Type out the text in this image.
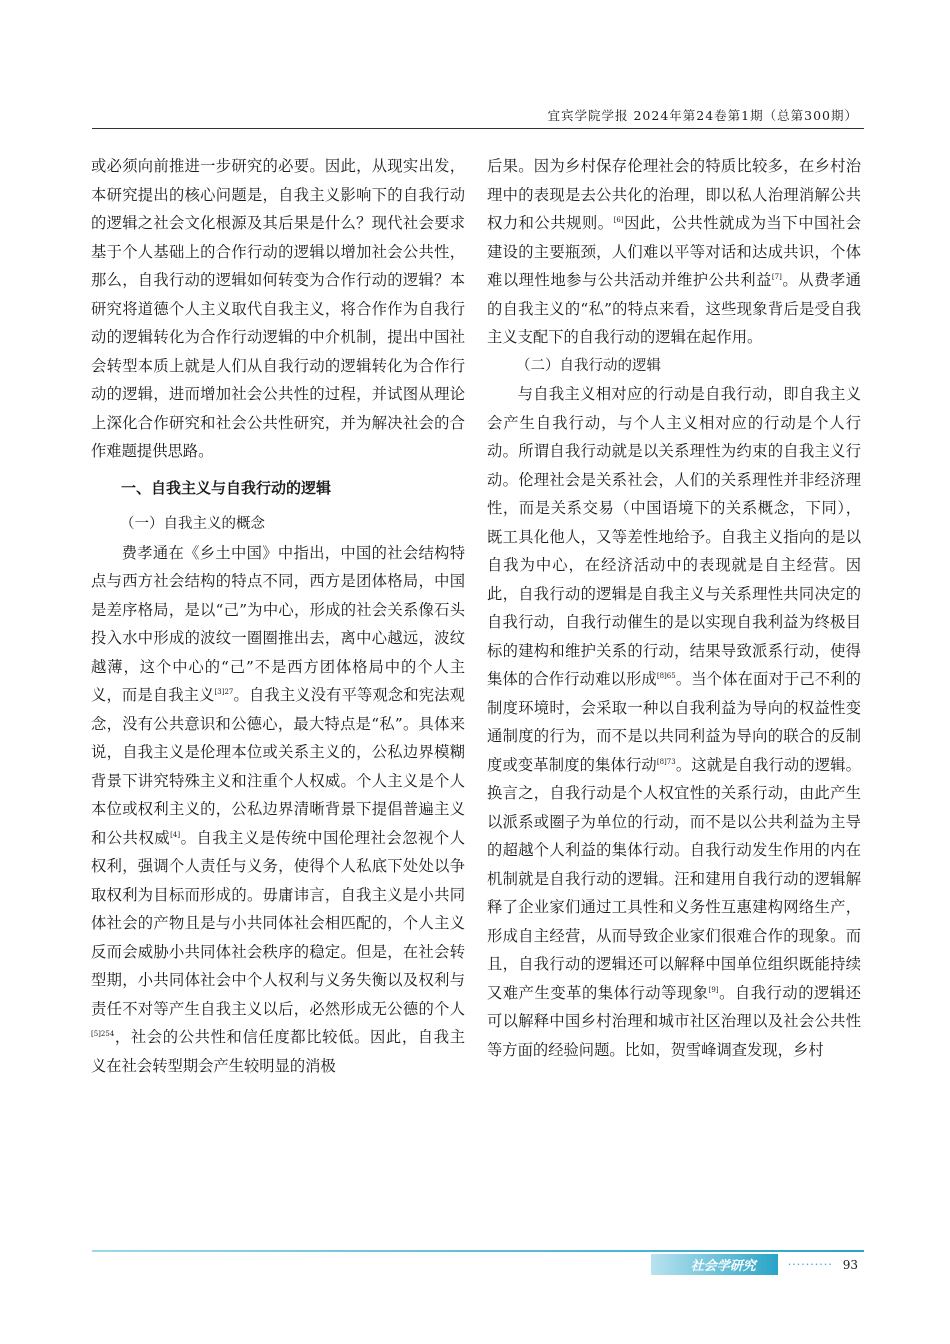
宜宾学院学报 2024年第24卷第1期（总第300期）

或必须向前推进一步研究的必要。因此，从现实出发，本研究提出的核心问题是，自我主义影响下的自我行动的逻辑之社会文化根源及其后果是什么？现代社会要求基于个人基础上的合作行动的逻辑以增加社会公共性，那么，自我行动的逻辑如何转变为合作行动的逻辑？本研究将道德个人主义取代自我主义，将合作作为自我行动的逻辑转化为合作行动逻辑的中介机制，提出中国社会转型本质上就是人们从自我行动的逻辑转化为合作行动的逻辑，进而增加社会公共性的过程，并试图从理论上深化合作研究和社会公共性研究，并为解决社会的合作难题提供思路。

一、自我主义与自我行动的逻辑

（一）自我主义的概念

费孝通在《乡土中国》中指出，中国的社会结构特点与西方社会结构的特点不同，西方是团体格局，中国是差序格局，是以“己”为中心，形成的社会关系像石头投入水中形成的波纹一圈圈推出去，离中心越远，波纹越薄，这个中心的“己”不是西方团体格局中的个人主义，而是自我主义$^{[3]27}$。自我主义没有平等观念和宪法观念，没有公共意识和公德心，最大特点是“私”。具体来说，自我主义是伦理本位或关系主义的，公私边界模糊背景下讲究特殊主义和注重个人权威。个人主义是个人本位或权利主义的，公私边界清晰背景下提倡普遍主义和公共权威[4]。自我主义是传统中国伦理社会忽视个人权利，强调个人责任与义务，使得个人私底下处处以争取权利为目标而形成的。毋庸讳言，自我主义是小共同体社会的产物且是与小共同体社会相匹配的，个人主义反而会威胁小共同体社会秩序的稳定。但是，在社会转型期，小共同体社会中个人权利与义务失衡以及权利与责任不对等产生自我主义以后，必然形成无公德的个人$^{[5]254}$，社会的公共性和信任度都比较低。因此，自我主义在社会转型期会产生较明显的消极

后果。因为乡村保存伦理社会的特质比较多，在乡村治理中的表现是去公共化的治理，即以私人治理消解公共权力和公共规则。[6]因此，公共性就成为当下中国社会建设的主要瓶颈，人们难以平等对话和达成共识，个体难以理性地参与公共活动并维护公共利益[7]。从费孝通的自我主义的“私”的特点来看，这些现象背后是受自我主义支配下的自我行动的逻辑在起作用。

（二）自我行动的逻辑

与自我主义相对应的行动是自我行动，即自我主义会产生自我行动，与个人主义相对应的行动是个人行动。所谓自我行动就是以关系理性为约束的自我主义行动。伦理社会是关系社会，人们的关系理性并非经济理性，而是关系交易（中国语境下的关系概念，下同），既工具化他人，又等差性地给予。自我主义指向的是以自我为中心，在经济活动中的表现就是自主经营。因此，自我行动的逻辑是自我主义与关系理性共同决定的自我行动，自我行动催生的是以实现自我利益为终极目标的建构和维护关系的行动，结果导致派系行动，使得集体的合作行动难以形成$^{[8]65}$。当个体在面对于己不利的制度环境时，会采取一种以自我利益为导向的权益性变通制度的行为，而不是以共同利益为导向的联合的反制度或变革制度的集体行动$^{[8]73}$。这就是自我行动的逻辑。换言之，自我行动是个人权宜性的关系行动，由此产生以派系或圈子为单位的行动，而不是以公共利益为主导的超越个人利益的集体行动。自我行动发生作用的内在机制就是自我行动的逻辑。汪和建用自我行动的逻辑解释了企业家们通过工具性和义务性互惠建构网络生产，形成自主经营，从而导致企业家们很难合作的现象。而且，自我行动的逻辑还可以解释中国单位组织既能持续又难产生变革的集体行动等现象[9]。自我行动的逻辑还可以解释中国乡村治理和城市社区治理以及社会公共性等方面的经验问题。比如，贺雪峰调查发现，乡村

社会学研究	·········· 93
